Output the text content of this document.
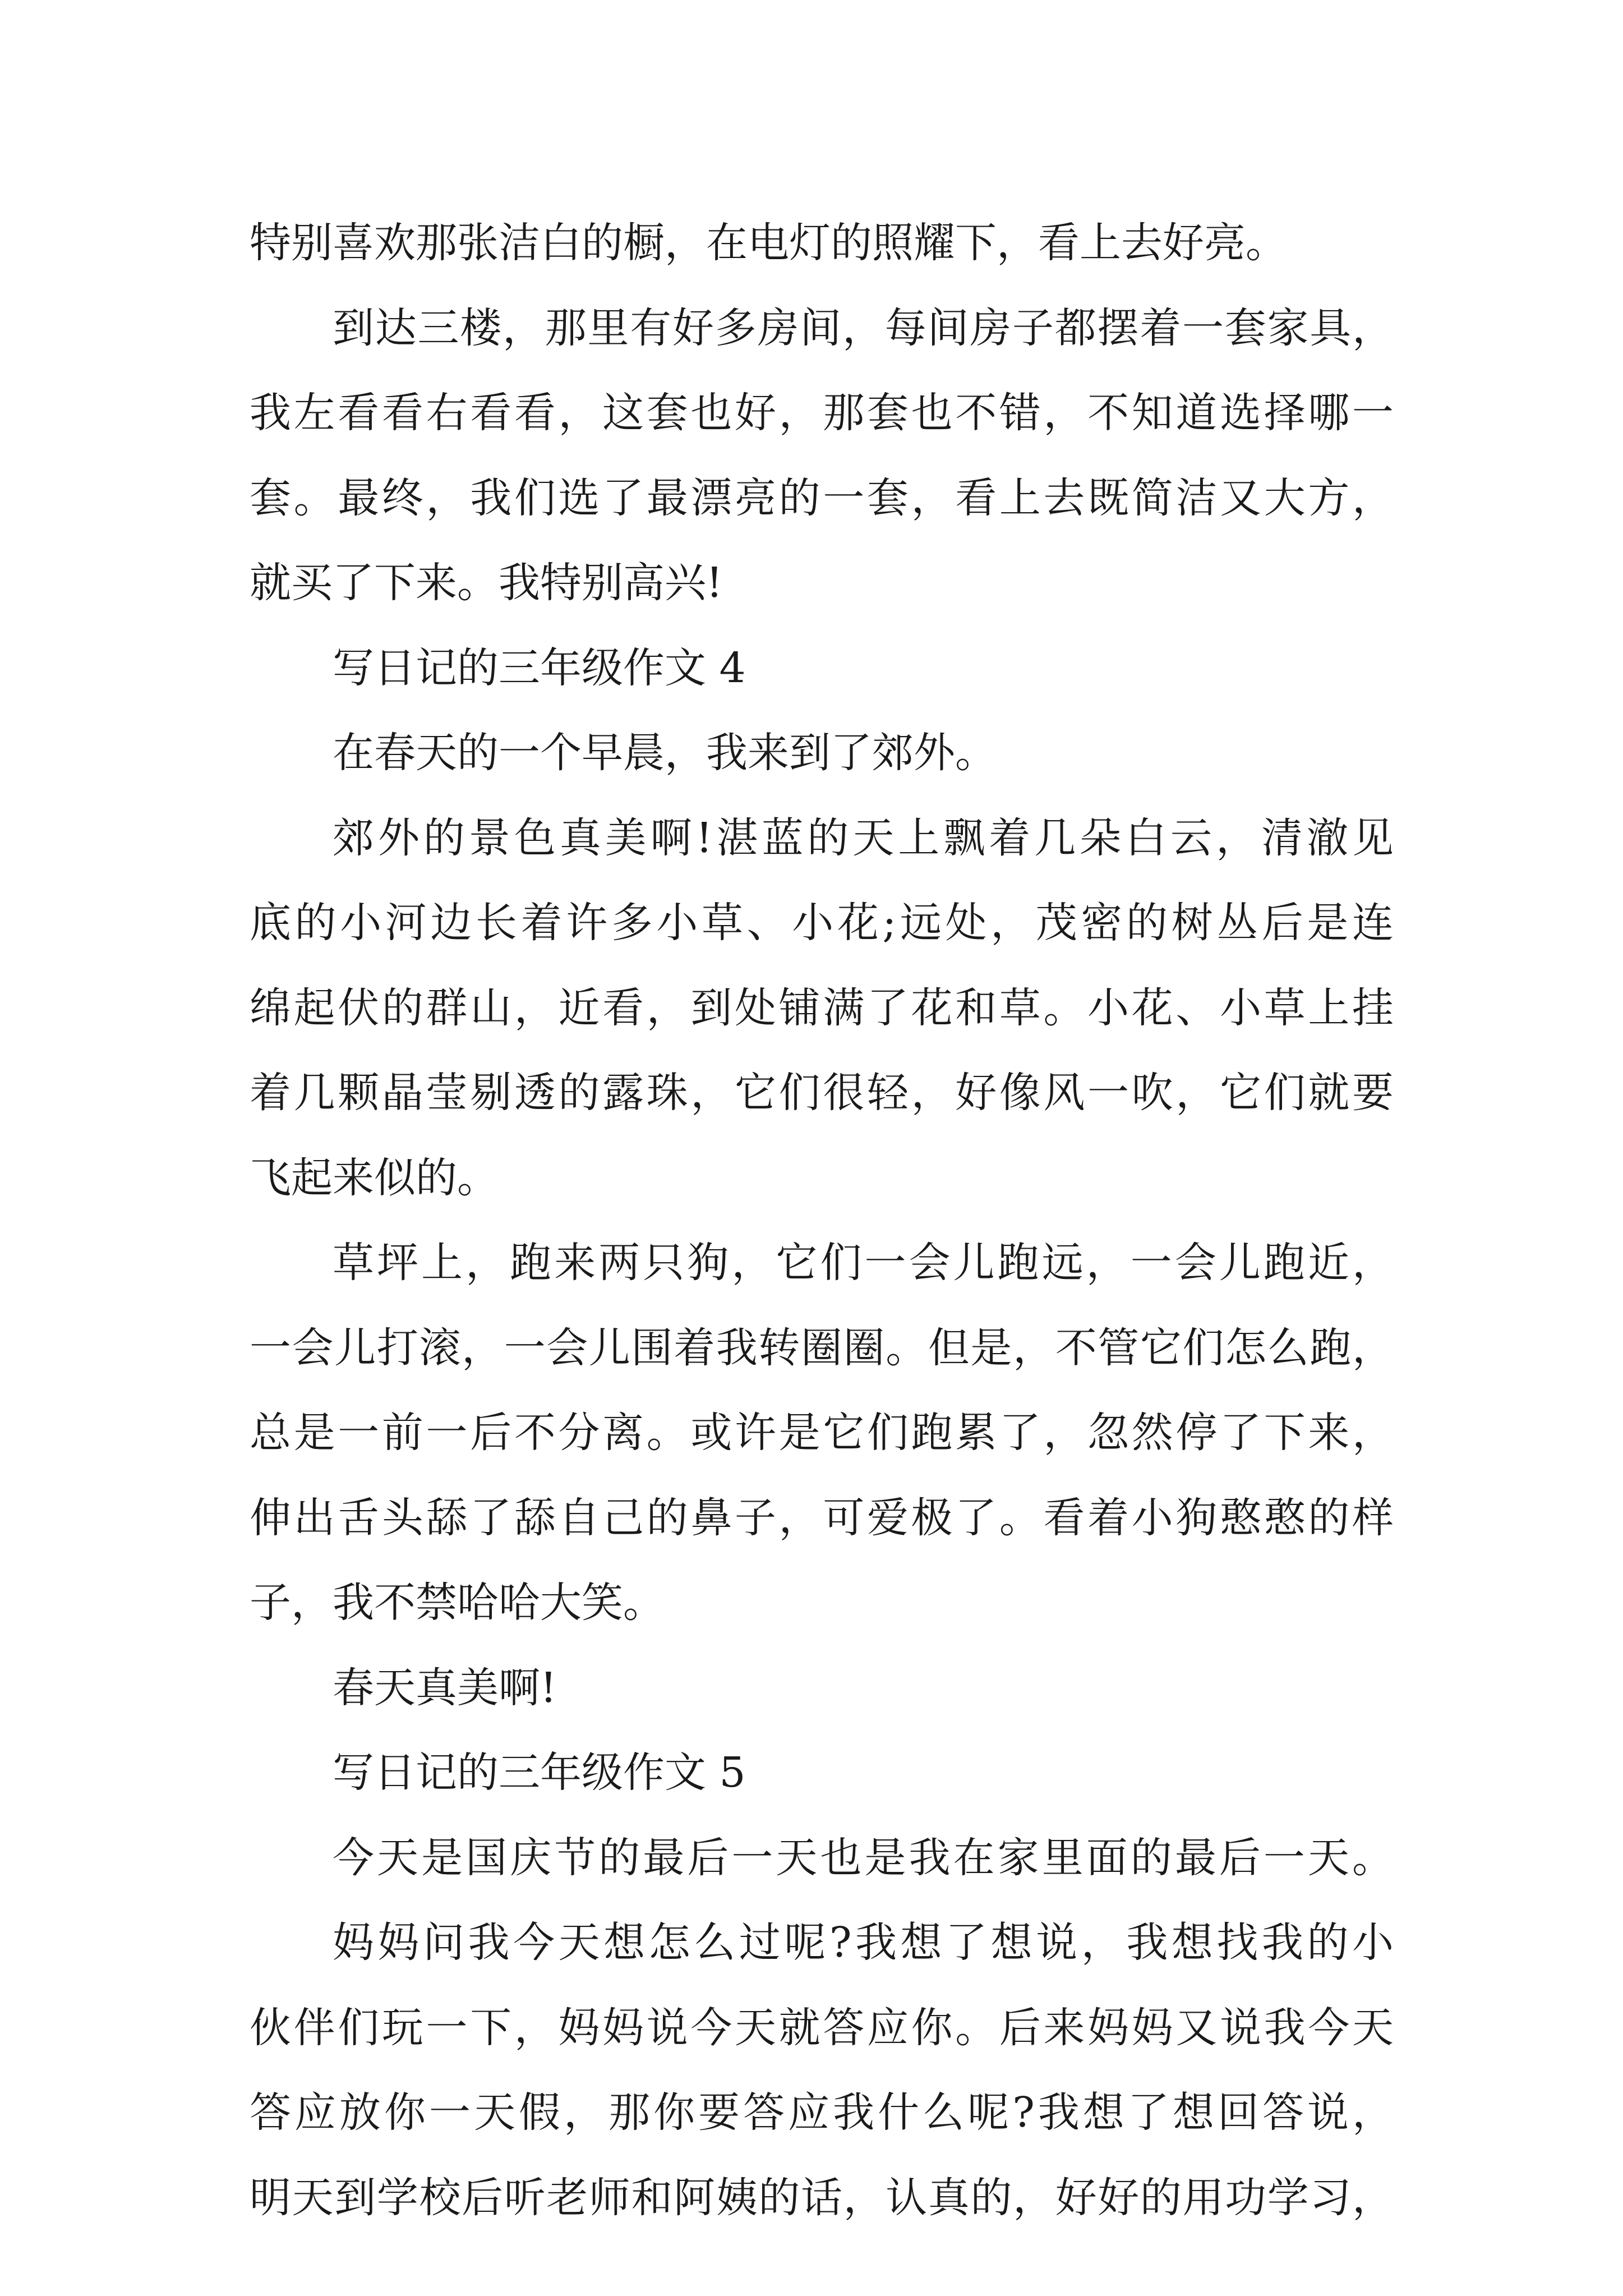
特别喜欢那张洁白的橱，在电灯的照耀下，看上去好亮。
到达三楼，那里有好多房间，每间房子都摆着一套家具，
我左看看右看看，这套也好，那套也不错，不知道选择哪一
套。最终，我们选了最漂亮的一套，看上去既简洁又大方，
就买了下来。我特别高兴!
写日记的三年级作文 4
在春天的一个早晨，我来到了郊外。
郊外的景色真美啊!湛蓝的天上飘着几朵白云，清澈见
底的小河边长着许多小草、小花;远处，茂密的树丛后是连
绵起伏的群山，近看，到处铺满了花和草。小花、小草上挂
着几颗晶莹剔透的露珠，它们很轻，好像风一吹，它们就要
飞起来似的。
草坪上，跑来两只狗，它们一会儿跑远，一会儿跑近，
一会儿打滚，一会儿围着我转圈圈。但是，不管它们怎么跑，
总是一前一后不分离。或许是它们跑累了，忽然停了下来，
伸出舌头舔了舔自己的鼻子，可爱极了。看着小狗憨憨的样
子，我不禁哈哈大笑。
春天真美啊!
写日记的三年级作文 5
今天是国庆节的最后一天也是我在家里面的最后一天。
妈妈问我今天想怎么过呢?我想了想说，我想找我的小
伙伴们玩一下，妈妈说今天就答应你。后来妈妈又说我今天
答应放你一天假，那你要答应我什么呢?我想了想回答说，
明天到学校后听老师和阿姨的话，认真的，好好的用功学习，
